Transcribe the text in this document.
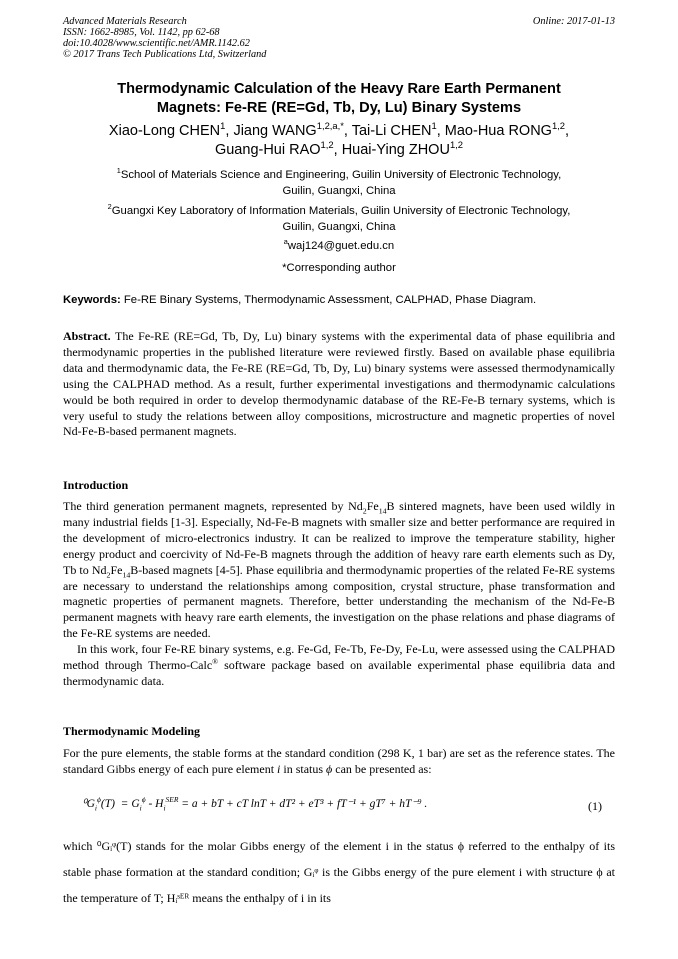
Advanced Materials Research
ISSN: 1662-8985, Vol. 1142, pp 62-68
doi:10.4028/www.scientific.net/AMR.1142.62
© 2017 Trans Tech Publications Ltd, Switzerland
Online: 2017-01-13
Thermodynamic Calculation of the Heavy Rare Earth Permanent
Magnets: Fe-RE (RE=Gd, Tb, Dy, Lu) Binary Systems
Xiao-Long CHEN$^1$, Jiang $WANG^{1,2,a,*}$, Tai-Li CHEN$^1$, Mao-Hua RONG$^{1,2}$,
Guang-Hui RAO$^{1,2}$, Huai-Ying ZHOU$^{1,2}$
$^1$School of Materials Science and Engineering, Guilin University of Electronic Technology,
Guilin, Guangxi, China
$^2$Guangxi Key Laboratory of Information Materials, Guilin University of Electronic Technology,
Guilin, Guangxi, China
$^a$waj124@guet.edu.cn
*Corresponding author
Keywords: Fe-RE Binary Systems, Thermodynamic Assessment, CALPHAD, Phase Diagram.
Abstract. The Fe-RE (RE=Gd, Tb, Dy, Lu) binary systems with the experimental data of phase equilibria and thermodynamic properties in the published literature were reviewed firstly. Based on available phase equilibria data and thermodynamic data, the Fe-RE (RE=Gd, Tb, Dy, Lu) binary systems were assessed thermodynamically using the CALPHAD method. As a result, further experimental investigations and thermodynamic calculations would be both required in order to develop thermodynamic database of the RE-Fe-B ternary systems, which is very useful to study the relations between alloy compositions, microstructure and magnetic properties of novel Nd-Fe-B-based permanent magnets.
Introduction
The third generation permanent magnets, represented by $Nd_2Fe_{14}B$ sintered magnets, have been used wildly in many industrial fields [1-3]. Especially, Nd-Fe-B magnets with smaller size and better performance are required in the development of micro-electronics industry. It can be realized to improve the temperature stability, higher energy product and coercivity of Nd-Fe-B magnets through the addition of heavy rare earth elements such as Dy, Tb to $Nd_2Fe_{14}B$-based magnets [4-5]. Phase equilibria and thermodynamic properties of the related Fe-RE systems are necessary to understand the relationships among composition, crystal structure, phase transformation and magnetic properties of permanent magnets. Therefore, better understanding the mechanism of the Nd-Fe-B permanent magnets with heavy rare earth elements, the investigation on the phase relations and phase diagrams of the Fe-RE systems are needed.
In this work, four Fe-RE binary systems, e.g. Fe-Gd, Fe-Tb, Fe-Dy, Fe-Lu, were assessed using the CALPHAD method through Thermo-Calc® software package based on available experimental phase equilibria data and thermodynamic data.
Thermodynamic Modeling
For the pure elements, the stable forms at the standard condition (298 K, 1 bar) are set as the reference states. The standard Gibbs energy of each pure element i in status ϕ can be presented as:
$^0G_i^\phi(T) = G_i^\phi - H_i^{SER} = a$ + bT + cT lnT + dT² + eT³ + fT⁻¹ + gT⁷ + hT⁻⁹ .	(1)
which ⁰Gᵢᵠ(T) stands for the molar Gibbs energy of the element i in the status ϕ referred to the enthalpy of its stable phase formation at the standard condition; Gᵢᵠ is the Gibbs energy of the pure element i with structure ϕ at the temperature of T; Hᵢˢᴱᴿ means the enthalpy of i in its
